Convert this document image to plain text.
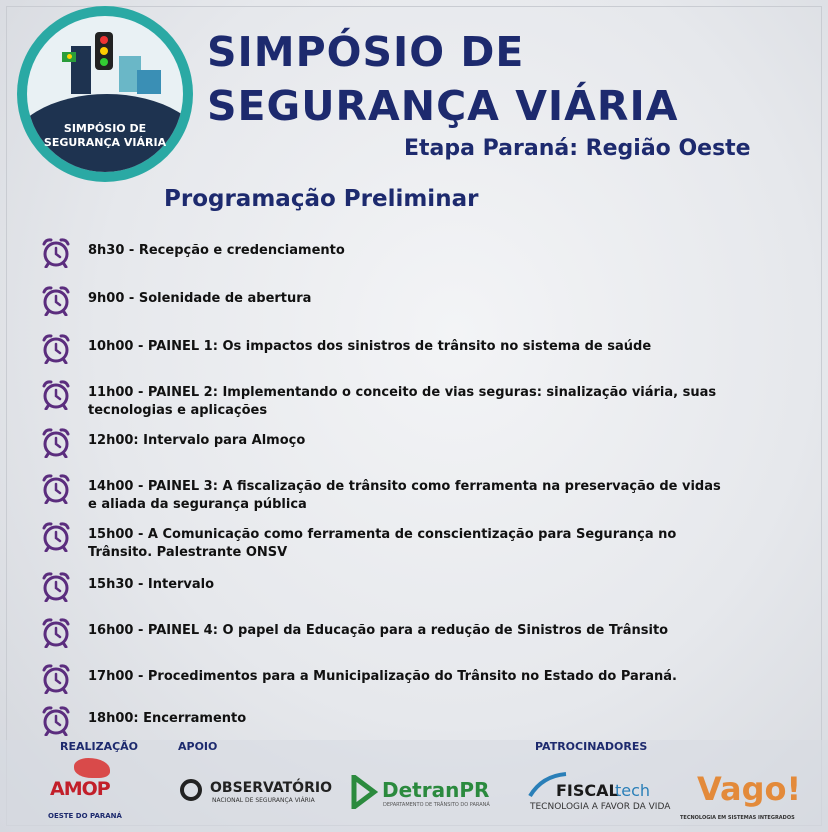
SIMPÓSIO DE
SEGURANÇA VIÁRIA
SIMPÓSIO DE
SEGURANÇA VIÁRIA
Etapa Paraná: Região Oeste
Programação Preliminar
8h30 - Recepção e credenciamento
9h00 - Solenidade de abertura
10h00 - PAINEL 1: Os impactos dos sinistros de trânsito no sistema de saúde
11h00 - PAINEL 2: Implementando o conceito de vias seguras: sinalização viária, suas tecnologias e aplicações
12h00: Intervalo para Almoço
14h00 - PAINEL 3: A fiscalização de trânsito como ferramenta na preservação de vidas e aliada da segurança pública
15h00 - A Comunicação como ferramenta de conscientização para Segurança no Trânsito. Palestrante ONSV
15h30 - Intervalo
16h00 - PAINEL 4: O papel da Educação para a redução de Sinistros de Trânsito
17h00 - Procedimentos para a Municipalização do Trânsito no Estado do Paraná.
18h00: Encerramento
REALIZAÇÃO	APOIO	PATROCINADORES
AMOP
OESTE DO PARANÁ
OBSERVATÓRIO
NACIONAL DE SEGURANÇA VIÁRIA	DetranPR
DEPARTAMENTO DE TRÂNSITO DO PARANÁ
FISCAL
tech
TECNOLOGIA A FAVOR DA VIDA Vago!
TECNOLOGIA EM SISTEMAS INTEGRADOS
